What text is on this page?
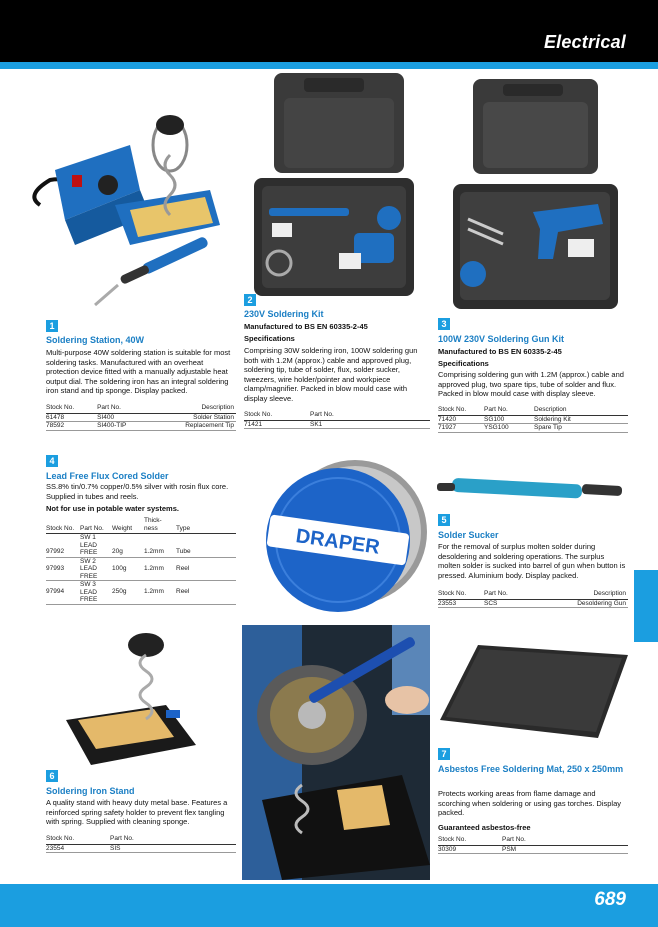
Electrical
1
Soldering Station, 40W
Multi-purpose 40W soldering station is suitable for most soldering tasks. Manufactured with an overheat protection device fitted with a manually adjustable heat output dial. The soldering iron has an integral soldering iron stand and tip sponge. Display packed.
Stock No.	Part No.	Description
61478	SI400	Solder Station
78592	SI400-TIP	Replacement Tip
2
230V Soldering Kit
Manufactured to BS EN 60335-2-45
Specifications
Comprising 30W soldering iron, 100W soldering gun both with 1.2M (approx.) cable and approved plug, soldering tip, tube of solder, flux, solder sucker, tweezers, wire holder/pointer and workpiece clamp/magnifier. Packed in blow mould case with display sleeve.
Stock No.	Part No.
71421	SK1
3
100W 230V Soldering Gun Kit
Manufactured to BS EN 60335-2-45
Specifications
Comprising soldering gun with 1.2M (approx.) cable and approved plug, two spare tips, tube of solder and flux. Packed in blow mould case with display sleeve.
Stock No.	Part No.	Description
71420	SG100	Soldering Kit
71927	YSG100	Spare Tip
4
Lead Free Flux Cored Solder
SS.8% tin/0.7% copper/0.5% silver with rosin flux core. Supplied in tubes and reels.
Not for use in potable water systems.
Stock No.	Part No.	Weight	Thick-ness	Type
97992	SW 1 LEAD FREE	20g	1.2mm	Tube
97993	SW 2 LEAD FREE	100g	1.2mm	Reel
97994	SW 3 LEAD FREE	250g	1.2mm	Reel
DRAPER
5
Solder Sucker
For the removal of surplus molten solder during desoldering and soldering operations. The surplus molten solder is sucked into barrel of gun when button is pressed. Aluminium body. Display packed.
Stock No.	Part No.	Description
23553	SCS	Desoldering Gun
6
Soldering Iron Stand
A quality stand with heavy duty metal base. Features a reinforced spring safety holder to prevent flex tangling with spring. Supplied with cleaning sponge.
Stock No.	Part No.
23554	SIS
7
Asbestos Free Soldering Mat, 250 x 250mm
Protects working areas from flame damage and scorching when soldering or using gas torches. Display packed.
Guaranteed asbestos-free
Stock No.	Part No.
30309	PSM
689
